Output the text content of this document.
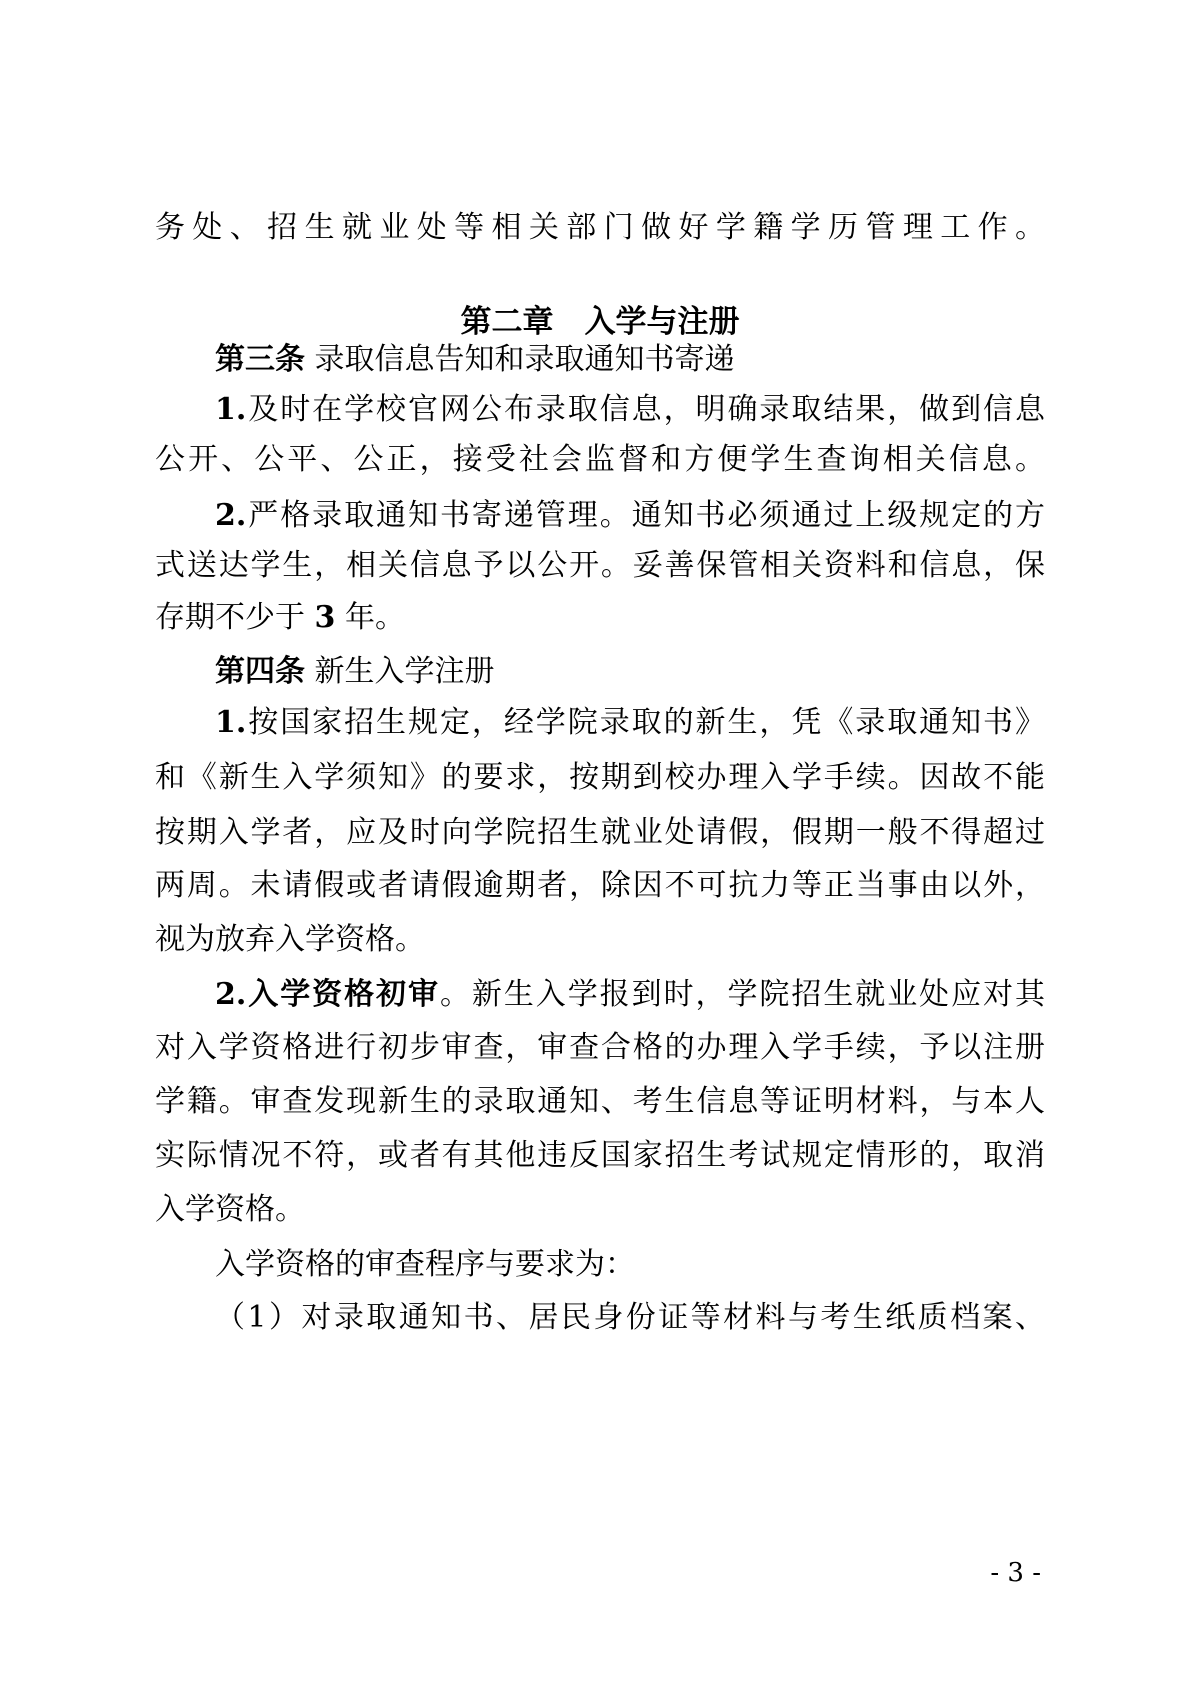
务处、招生就业处等相关部门做好学籍学历管理工作。
第二章　入学与注册
第三条 录取信息告知和录取通知书寄递
1.及时在学校官网公布录取信息，明确录取结果，做到信息
公开、公平、公正，接受社会监督和方便学生查询相关信息。
2.严格录取通知书寄递管理。通知书必须通过上级规定的方
式送达学生，相关信息予以公开。妥善保管相关资料和信息，保
存期不少于 3 年。
第四条 新生入学注册
1.按国家招生规定，经学院录取的新生，凭《录取通知书》
和《新生入学须知》的要求，按期到校办理入学手续。因故不能
按期入学者，应及时向学院招生就业处请假，假期一般不得超过
两周。未请假或者请假逾期者，除因不可抗力等正当事由以外，
视为放弃入学资格。
2.入学资格初审。新生入学报到时，学院招生就业处应对其
对入学资格进行初步审查，审查合格的办理入学手续，予以注册
学籍。审查发现新生的录取通知、考生信息等证明材料，与本人
实际情况不符，或者有其他违反国家招生考试规定情形的，取消
入学资格。
入学资格的审查程序与要求为：
（1）对录取通知书、居民身份证等材料与考生纸质档案、
- 3 -
